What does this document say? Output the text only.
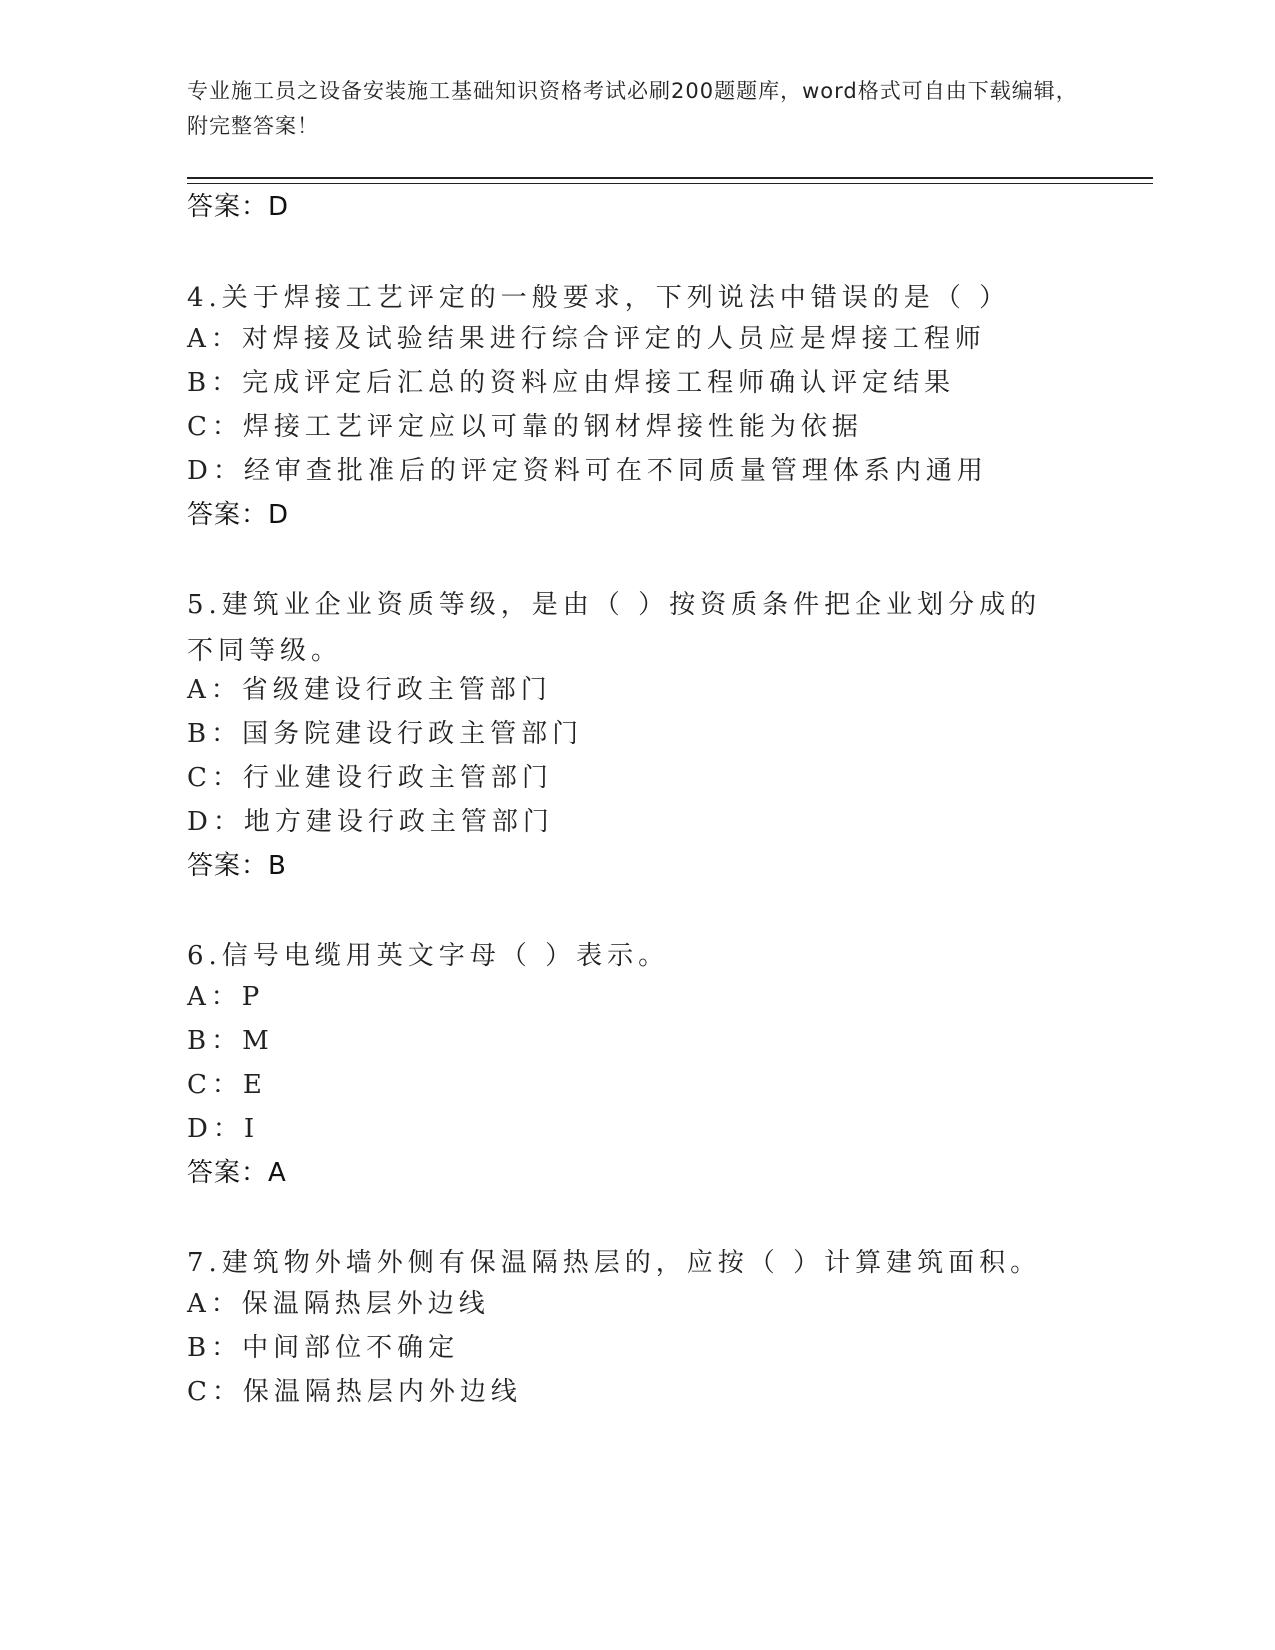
专业施工员之设备安装施工基础知识资格考试必刷200题题库，word格式可自由下载编辑，附完整答案！
答案：D
4.关于焊接工艺评定的一般要求，下列说法中错误的是（ ）
A：对焊接及试验结果进行综合评定的人员应是焊接工程师
B：完成评定后汇总的资料应由焊接工程师确认评定结果
C：焊接工艺评定应以可靠的钢材焊接性能为依据
D：经审查批准后的评定资料可在不同质量管理体系内通用
答案：D
5.建筑业企业资质等级，是由（ ）按资质条件把企业划分成的不同等级。
A：省级建设行政主管部门
B：国务院建设行政主管部门
C：行业建设行政主管部门
D：地方建设行政主管部门
答案：B
6.信号电缆用英文字母（ ）表示。
A：P
B：M
C：E
D：I
答案：A
7.建筑物外墙外侧有保温隔热层的，应按（ ）计算建筑面积。
A：保温隔热层外边线
B：中间部位不确定
C：保温隔热层内外边线
